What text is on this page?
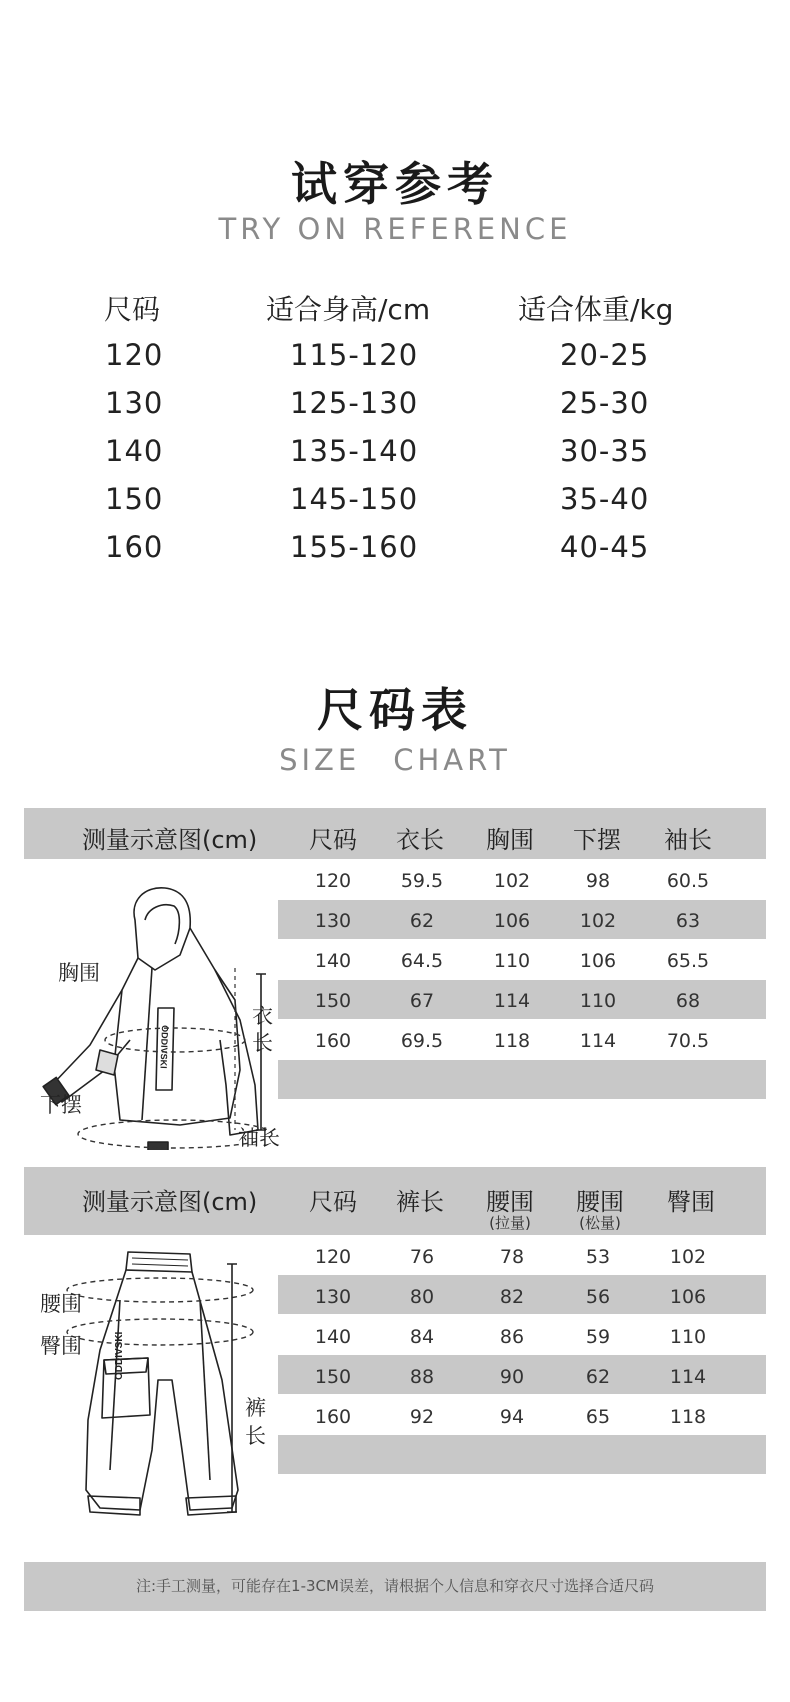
试穿参考
TRY ON REFERENCE
尺码	适合身高/cm	适合体重/kg
120	115-120	20-25
130	125-130	25-30
140	135-140	30-35
150	145-150	35-40
160	155-160	40-45
尺码表
SIZE　CHART
测量示意图(cm)	尺码	衣长	胸围	下摆	袖长
120	59.5	102	98	60.5
130	62	106	102	63
140	64.5	110	106	65.5
150	67	114	110	68
160	69.5	118	114	70.5
ODDIVSKI
胸围
衣
长
下摆
袖长
测量示意图(cm)	尺码	裤长	腰围	腰围	臀围
(拉量)	(松量)
120	76	78	53	102
130	80	82	56	106
140	84	86	59	110
150	88	90	62	114
160	92	94	65	118
ODDIVSKI
腰围
臀围
裤
长
注:手工测量，可能存在1-3CM误差，请根据个人信息和穿衣尺寸选择合适尺码
